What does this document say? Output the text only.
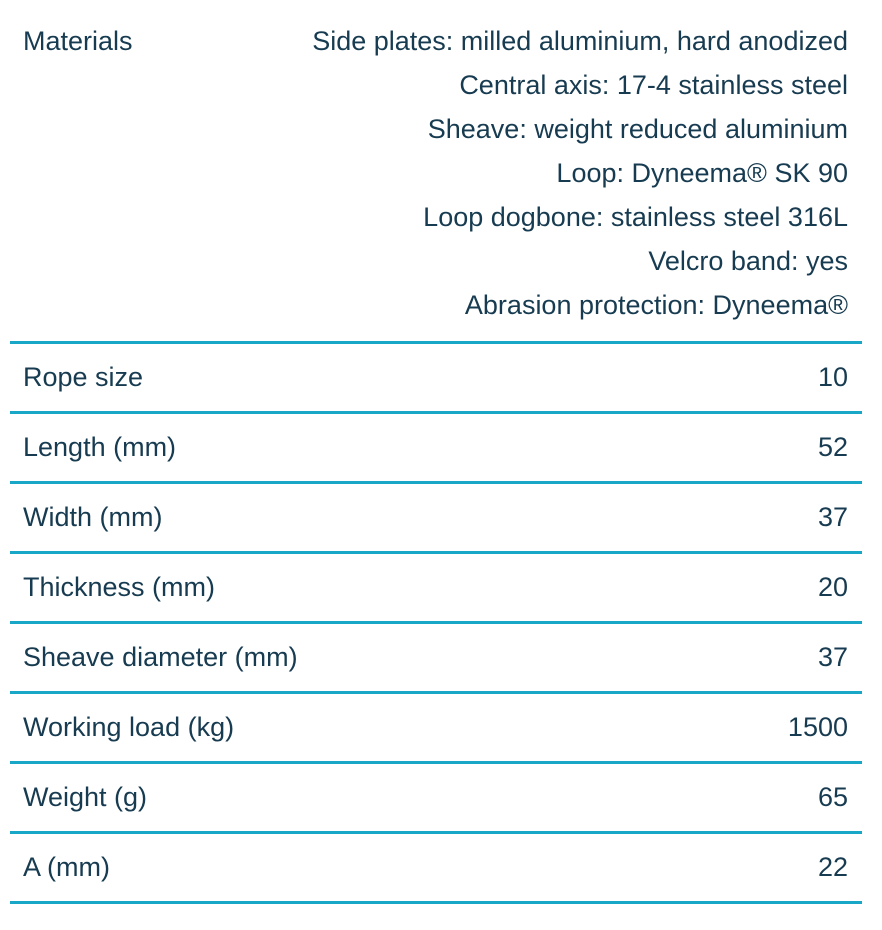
Materials	Side plates: milled aluminium, hard anodized
Central axis: 17-4 stainless steel
Sheave: weight reduced aluminium
Loop: Dyneema® SK 90
Loop dogbone: stainless steel 316L
Velcro band: yes
Abrasion protection: Dyneema®
Rope size	10
Length (mm)	52
Width (mm)	37
Thickness (mm)	20
Sheave diameter (mm)	37
Working load (kg)	1500
Weight (g)	65
A (mm)	22
